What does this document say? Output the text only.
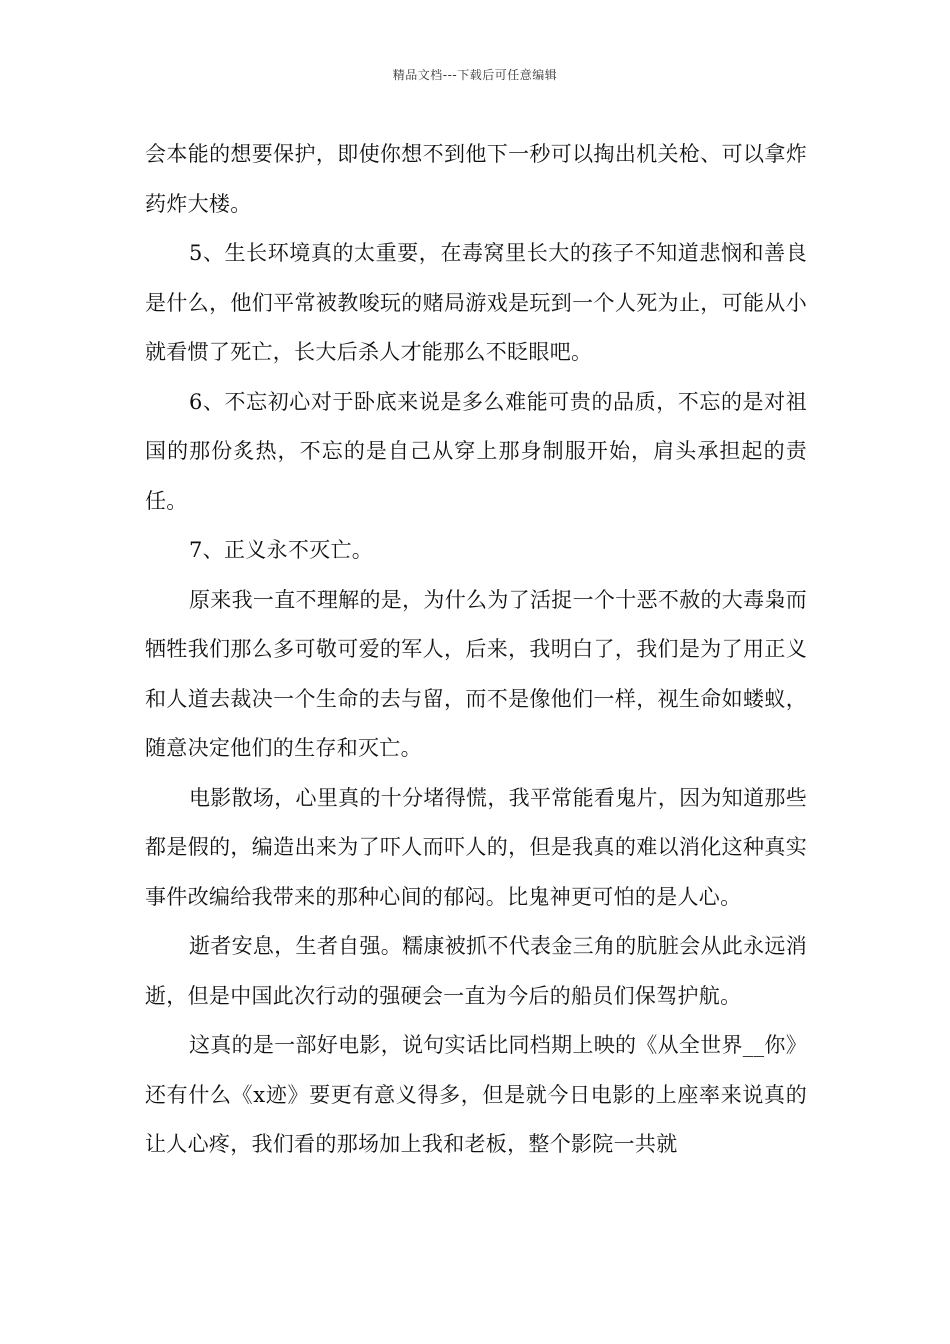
精品文档---下载后可任意编辑

会本能的想要保护，即使你想不到他下一秒可以掏出机关枪、可以拿炸药炸大楼。

5、生长环境真的太重要，在毒窝里长大的孩子不知道悲悯和善良是什么，他们平常被教唆玩的赌局游戏是玩到一个人死为止，可能从小就看惯了死亡，长大后杀人才能那么不眨眼吧。

6、不忘初心对于卧底来说是多么难能可贵的品质，不忘的是对祖国的那份炙热，不忘的是自己从穿上那身制服开始，肩头承担起的责任。

7、正义永不灭亡。

原来我一直不理解的是，为什么为了活捉一个十恶不赦的大毒枭而牺牲我们那么多可敬可爱的军人，后来，我明白了，我们是为了用正义和人道去裁决一个生命的去与留，而不是像他们一样，视生命如蝼蚁，随意决定他们的生存和灭亡。

电影散场，心里真的十分堵得慌，我平常能看鬼片，因为知道那些都是假的，编造出来为了吓人而吓人的，但是我真的难以消化这种真实事件改编给我带来的那种心间的郁闷。比鬼神更可怕的是人心。

逝者安息，生者自强。糯康被抓不代表金三角的肮脏会从此永远消逝，但是中国此次行动的强硬会一直为今后的船员们保驾护航。

这真的是一部好电影，说句实话比同档期上映的《从全世界__你》还有什么《x迹》要更有意义得多，但是就今日电影的上座率来说真的让人心疼，我们看的那场加上我和老板，整个影院一共就
